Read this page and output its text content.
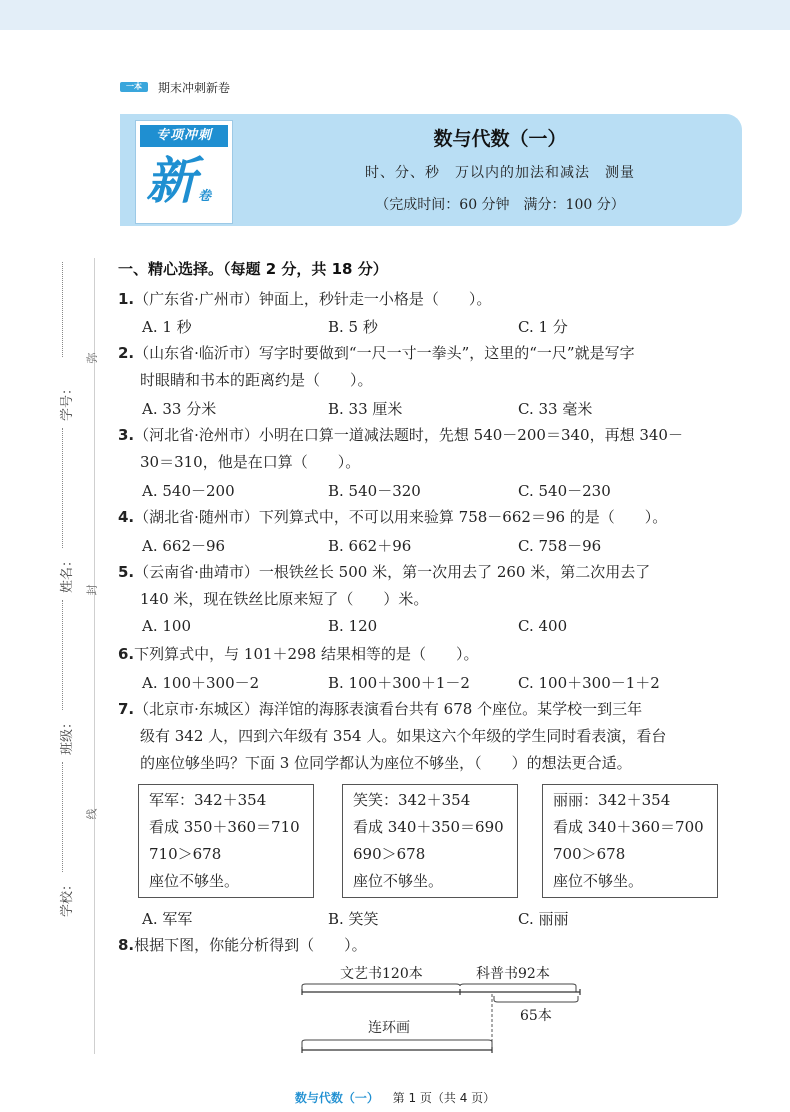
一本	期末冲刺新卷
专项冲刺
新 卷
数与代数（一）
时、分、秒　万以内的加法和减法　测量
（完成时间：60 分钟　满分：100 分）
学号：
姓名：
班级：
学校：
弥
封
线
一、精心选择。（每题 2 分，共 18 分）
1.（广东省·广州市）钟面上，秒针走一小格是（　　）。
A. 1 秒	B. 5 秒	C. 1 分
2.（山东省·临沂市）写字时要做到“一尺一寸一拳头”，这里的“一尺”就是写字
时眼睛和书本的距离约是（　　）。
A. 33 分米	B. 33 厘米	C. 33 毫米
3.（河北省·沧州市）小明在口算一道减法题时，先想 540－200＝340，再想 340－
30＝310，他是在口算（　　）。
A. 540－200	B. 540－320	C. 540－230
4.（湖北省·随州市）下列算式中，不可以用来验算 758－662＝96 的是（　　）。
A. 662－96	B. 662＋96	C. 758－96
5.（云南省·曲靖市）一根铁丝长 500 米，第一次用去了 260 米，第二次用去了
140 米，现在铁丝比原来短了（　　）米。
A. 100	B. 120	C. 400
6.下列算式中，与 101＋298 结果相等的是（　　）。
A. 100＋300－2	B. 100＋300＋1－2	C. 100＋300－1＋2
7.（北京市·东城区）海洋馆的海豚表演看台共有 678 个座位。某学校一到三年
级有 342 人，四到六年级有 354 人。如果这六个年级的学生同时看表演，看台
的座位够坐吗？下面 3 位同学都认为座位不够坐，（　　）的想法更合适。
军军：342＋354
看成 350＋360＝710
710＞678
座位不够坐。
笑笑：342＋354
看成 340＋350＝690
690＞678
座位不够坐。
丽丽：342＋354
看成 340＋360＝700
700＞678
座位不够坐。
A. 军军	B. 笑笑	C. 丽丽
8.根据下图，你能分析得到（　　）。
文艺书120本	科普书92本
65本
连环画
数与代数（一） 第 1 页（共 4 页）
